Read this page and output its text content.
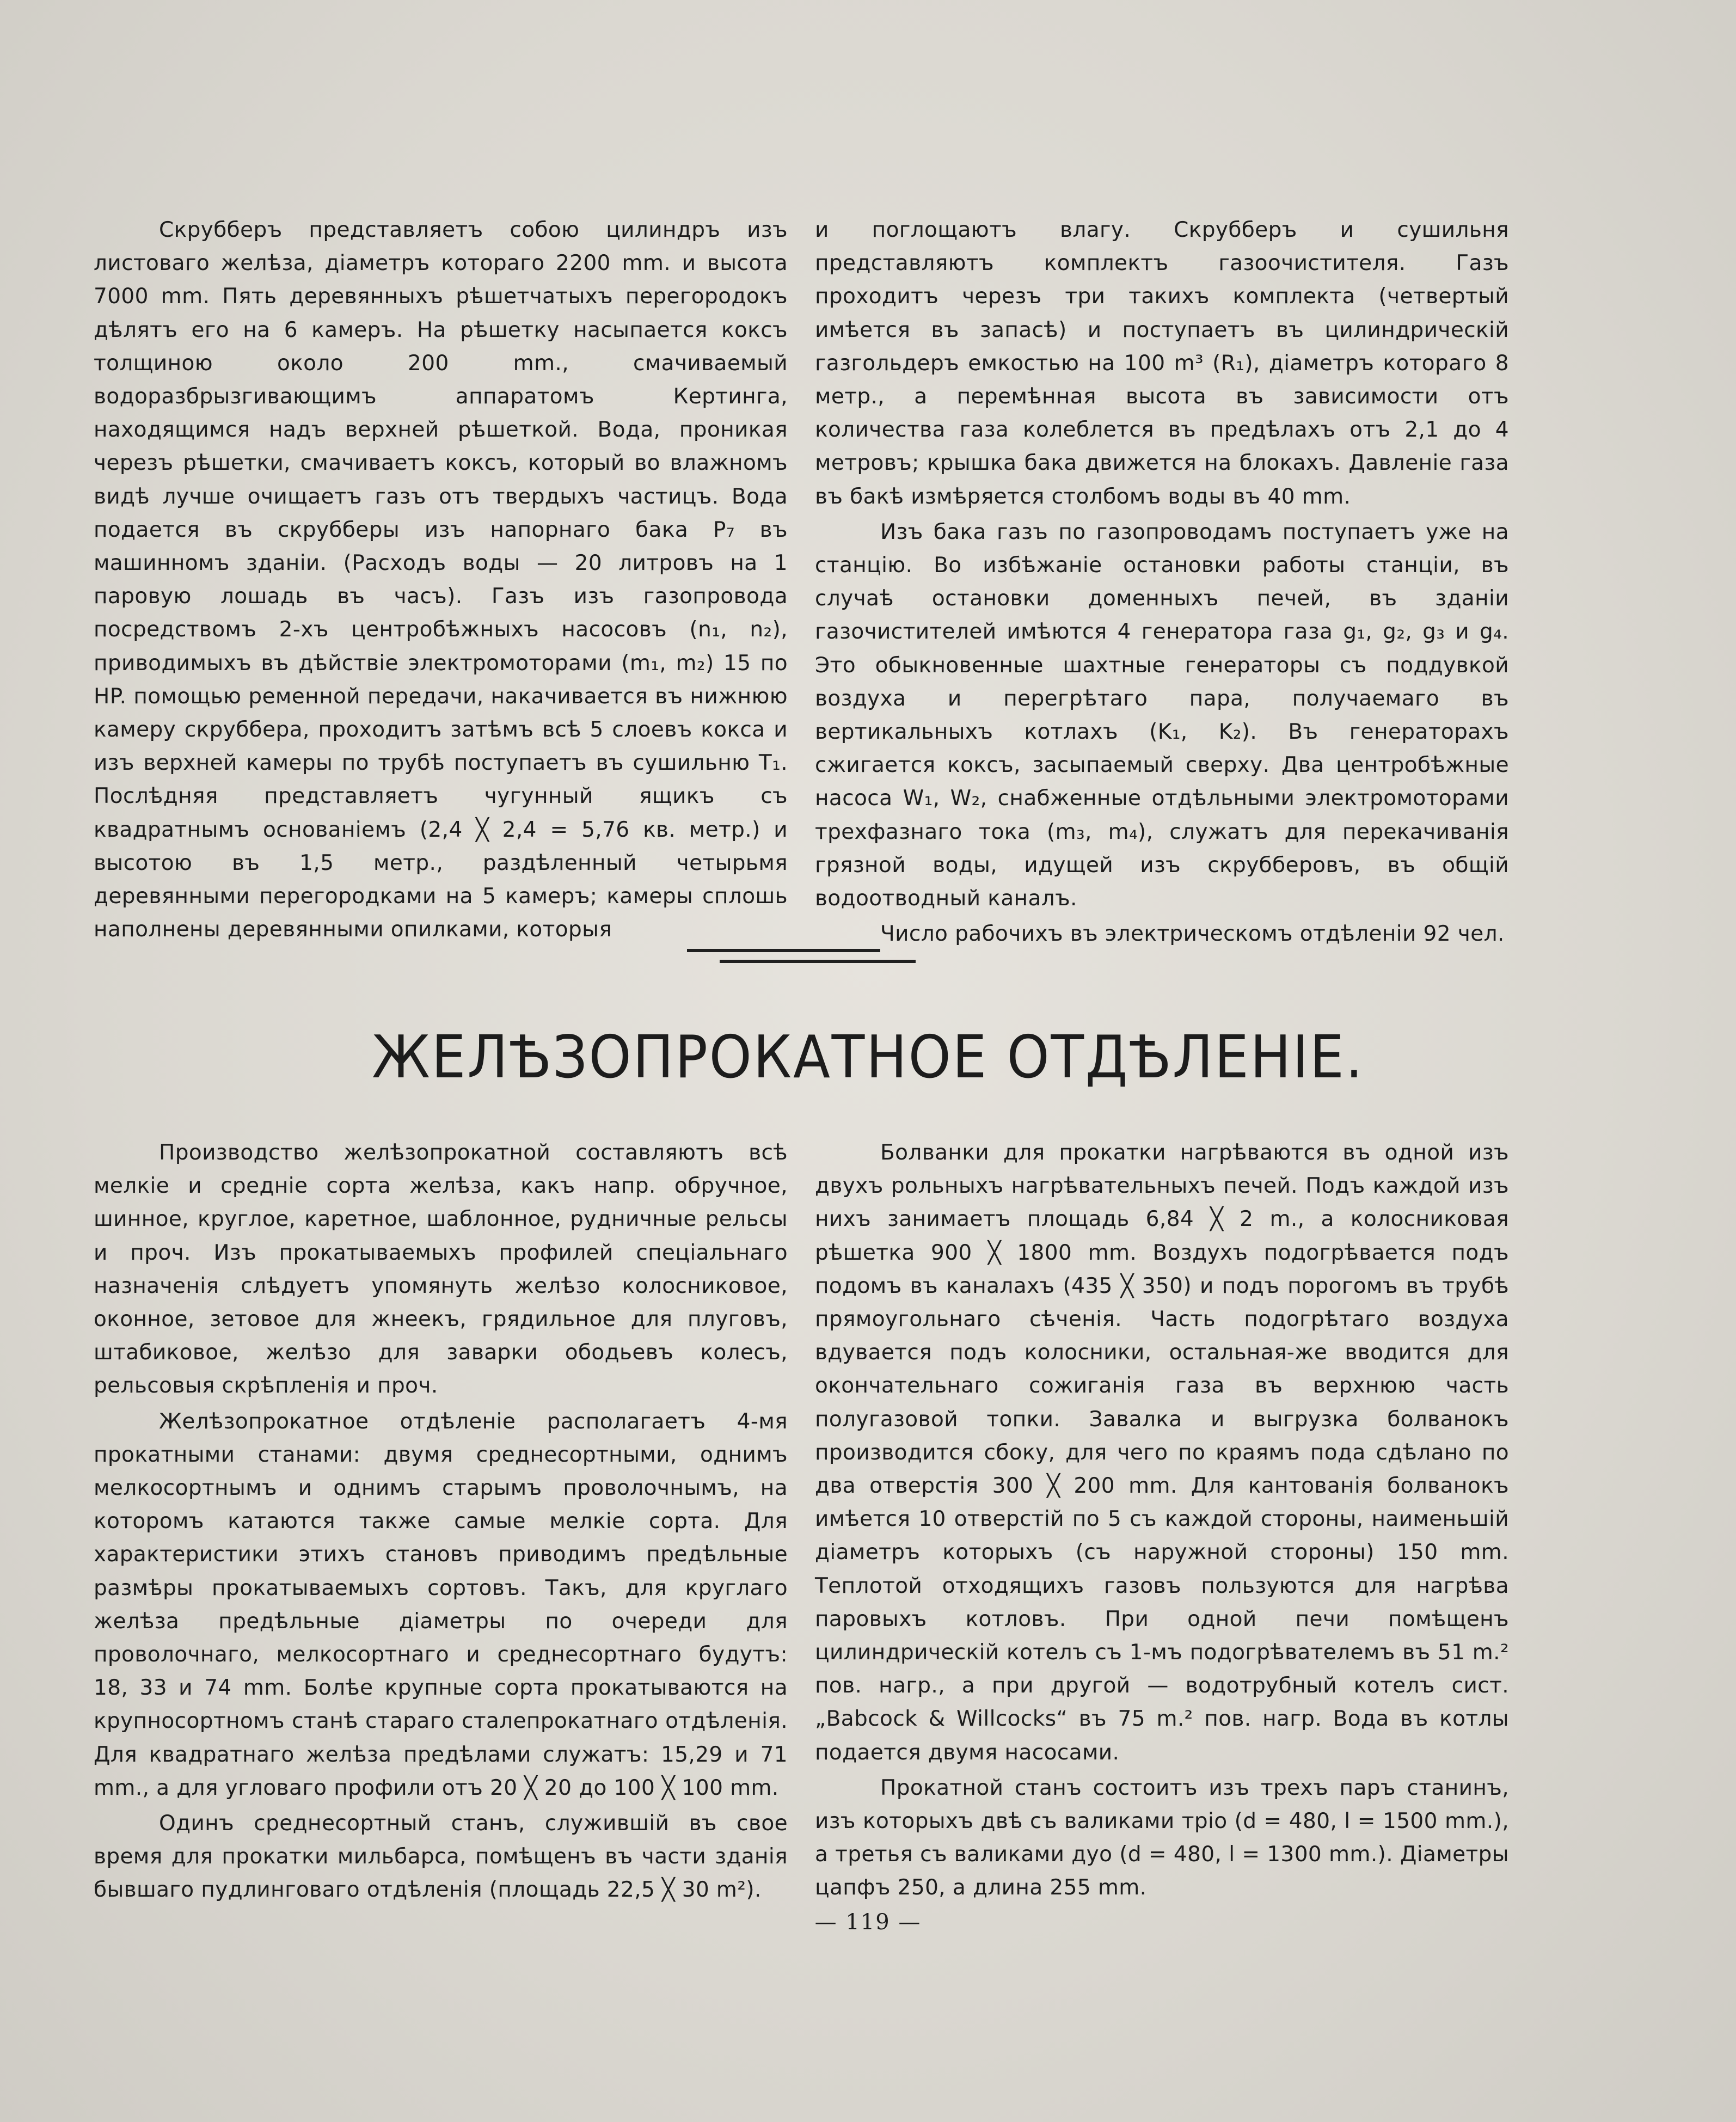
Скрубберъ представляетъ собою цилиндръ изъ листоваго желѣза, діаметръ котораго 2200 mm. и высота 7000 mm. Пять деревянныхъ рѣшетчатыхъ перегородокъ дѣлятъ его на 6 камеръ. На рѣшетку насыпается коксъ толщиною около 200 mm., смачиваемый водоразбрызгивающимъ аппаратомъ Кертинга, находящимся надъ верхней рѣшеткой. Вода, проникая черезъ рѣшетки, смачиваетъ коксъ, который во влажномъ видѣ лучше очищаетъ газъ отъ твердыхъ частицъ. Вода подается въ скрубберы изъ напорнаго бака P₇ въ машинномъ зданіи. (Расходъ воды — 20 литровъ на 1 паровую лошадь въ часъ). Газъ изъ газопровода посредствомъ 2-хъ центробѣжныхъ насосовъ (n₁, n₂), приводимыхъ въ дѣйствіе электромоторами (m₁, m₂) 15 по HP. помощью ременной передачи, накачивается въ нижнюю камеру скруббера, проходитъ затѣмъ всѣ 5 слоевъ кокса и изъ верхней камеры по трубѣ поступаетъ въ сушильню T₁. Послѣдняя представляетъ чугунный ящикъ съ квадратнымъ основаніемъ (2,4 ╳ 2,4 = 5,76 кв. метр.) и высотою въ 1,5 метр., раздѣленный четырьмя деревянными перегородками на 5 камеръ; камеры сплошь наполнены деревянными опилками, которыя

и поглощаютъ влагу. Скрубберъ и сушильня представляютъ комплектъ газоочистителя. Газъ проходитъ черезъ три такихъ комплекта (четвертый имѣется въ запасѣ) и поступаетъ въ цилиндрическій газгольдеръ емкостью на 100 m³ (R₁), діаметръ котораго 8 метр., а перемѣнная высота въ зависимости отъ количества газа колеблется въ предѣлахъ отъ 2,1 до 4 метровъ; крышка бака движется на блокахъ. Давленіе газа въ бакѣ измѣряется столбомъ воды въ 40 mm.

Изъ бака газъ по газопроводамъ поступаетъ уже на станцію. Во избѣжаніе остановки работы станціи, въ случаѣ остановки доменныхъ печей, въ зданіи газочистителей имѣются 4 генератора газа g₁, g₂, g₃ и g₄. Это обыкновенные шахтные генераторы съ поддувкой воздуха и перегрѣтаго пара, получаемаго въ вертикальныхъ котлахъ (K₁, K₂). Въ генераторахъ сжигается коксъ, засыпаемый сверху. Два центробѣжные насоса W₁, W₂, снабженные отдѣльными электромоторами трехфазнаго тока (m₃, m₄), служатъ для перекачиванія грязной воды, идущей изъ скрубберовъ, въ общій водоотводный каналъ.

Число рабочихъ въ электрическомъ отдѣленіи 92 чел.

ЖЕЛѢЗОПРОКАТНОЕ ОТДѢЛЕНІЕ.

Производство желѣзопрокатной составляютъ всѣ мелкіе и средніе сорта желѣза, какъ напр. обручное, шинное, круглое, каретное, шаблонное, рудничные рельсы и проч. Изъ прокатываемыхъ профилей спеціальнаго назначенія слѣдуетъ упомянуть желѣзо колосниковое, оконное, зетовое для жнеекъ, грядильное для плуговъ, штабиковое, желѣзо для заварки ободьевъ колесъ, рельсовыя скрѣпленія и проч.

Желѣзопрокатное отдѣленіе располагаетъ 4-мя прокатными станами: двумя среднесортными, однимъ мелкосортнымъ и однимъ старымъ проволочнымъ, на которомъ катаются также самые мелкіе сорта. Для характеристики этихъ становъ приводимъ предѣльные размѣры прокатываемыхъ сортовъ. Такъ, для круглаго желѣза предѣльные діаметры по очереди для проволочнаго, мелкосортнаго и среднесортнаго будутъ: 18, 33 и 74 mm. Болѣе крупные сорта прокатываются на крупносортномъ станѣ стараго сталепрокатнаго отдѣленія. Для квадратнаго желѣза предѣлами служатъ: 15,29 и 71 mm., а для угловаго профили отъ 20 ╳ 20 до 100 ╳ 100 mm.

Одинъ среднесортный станъ, служившій въ свое время для прокатки мильбарса, помѣщенъ въ части зданія бывшаго пудлинговаго отдѣленія (площадь 22,5 ╳ 30 m²).

Болванки для прокатки нагрѣваются въ одной изъ двухъ рольныхъ нагрѣвательныхъ печей. Подъ каждой изъ нихъ занимаетъ площадь 6,84 ╳ 2 m., а колосниковая рѣшетка 900 ╳ 1800 mm. Воздухъ подогрѣвается подъ подомъ въ каналахъ (435 ╳ 350) и подъ порогомъ въ трубѣ прямоугольнаго сѣченія. Часть подогрѣтаго воздуха вдувается подъ колосники, остальная-же вводится для окончательнаго сожиганія газа въ верхнюю часть полугазовой топки. Завалка и выгрузка болванокъ производится сбоку, для чего по краямъ пода сдѣлано по два отверстія 300 ╳ 200 mm. Для кантованія болванокъ имѣется 10 отверстій по 5 съ каждой стороны, наименьшій діаметръ которыхъ (съ наружной стороны) 150 mm. Теплотой отходящихъ газовъ пользуются для нагрѣва паровыхъ котловъ. При одной печи помѣщенъ цилиндрическій котелъ съ 1-мъ подогрѣвателемъ въ 51 m.² пов. нагр., а при другой — водотрубный котелъ сист. „Babcock & Willcocks“ въ 75 m.² пов. нагр. Вода въ котлы подается двумя насосами.

Прокатной станъ состоитъ изъ трехъ паръ станинъ, изъ которыхъ двѣ съ валиками тріо (d = 480, l = 1500 mm.), а третья съ валиками дуо (d = 480, l = 1300 mm.). Діаметры цапфъ 250, а длина 255 mm.

— 119 —
